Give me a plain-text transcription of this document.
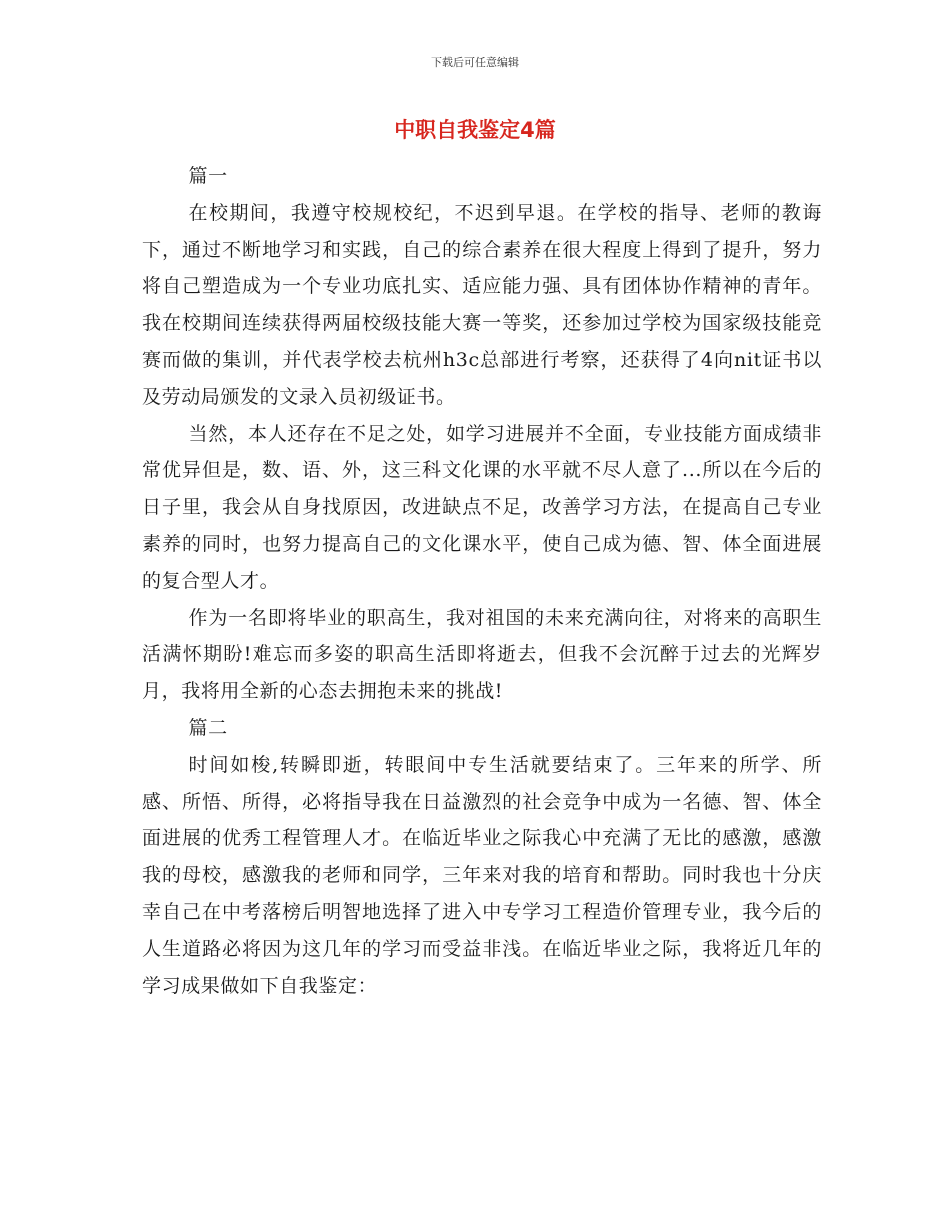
下载后可任意编辑
中职自我鉴定4篇

篇一

在校期间，我遵守校规校纪，不迟到早退。在学校的指导、老师的教诲下，通过不断地学习和实践，自己的综合素养在很大程度上得到了提升，努力将自己塑造成为一个专业功底扎实、适应能力强、具有团体协作精神的青年。我在校期间连续获得两届校级技能大赛一等奖，还参加过学校为国家级技能竞赛而做的集训，并代表学校去杭州h3c总部进行考察，还获得了4向nit证书以及劳动局颁发的文录入员初级证书。

当然，本人还存在不足之处，如学习进展并不全面，专业技能方面成绩非常优异但是，数、语、外，这三科文化课的水平就不尽人意了...所以在今后的日子里，我会从自身找原因，改进缺点不足，改善学习方法，在提高自己专业素养的同时，也努力提高自己的文化课水平，使自己成为德、智、体全面进展的复合型人才。

作为一名即将毕业的职高生，我对祖国的未来充满向往，对将来的高职生活满怀期盼!难忘而多姿的职高生活即将逝去，但我不会沉醉于过去的光辉岁月，我将用全新的心态去拥抱未来的挑战!

篇二

时间如梭,转瞬即逝，转眼间中专生活就要结束了。三年来的所学、所感、所悟、所得，必将指导我在日益激烈的社会竞争中成为一名德、智、体全面进展的优秀工程管理人才。在临近毕业之际我心中充满了无比的感激，感激我的母校，感激我的老师和同学，三年来对我的培育和帮助。同时我也十分庆幸自己在中考落榜后明智地选择了进入中专学习工程造价管理专业，我今后的人生道路必将因为这几年的学习而受益非浅。在临近毕业之际，我将近几年的学习成果做如下自我鉴定：
